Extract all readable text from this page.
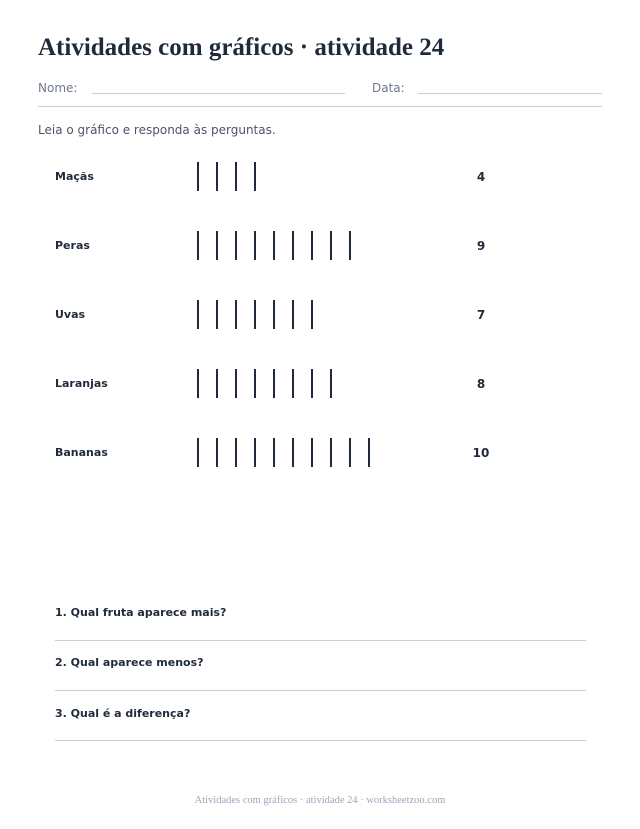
Atividades com gráficos · atividade 24
Nome:	Data:
Leia o gráfico e responda às perguntas.
Maçãs	4
Peras	9
Uvas	7
Laranjas	8
Bananas	10
1. Qual fruta aparece mais?
2. Qual aparece menos?
3. Qual é a diferença?
Atividades com gráficos · atividade 24 · worksheetzoo.com
